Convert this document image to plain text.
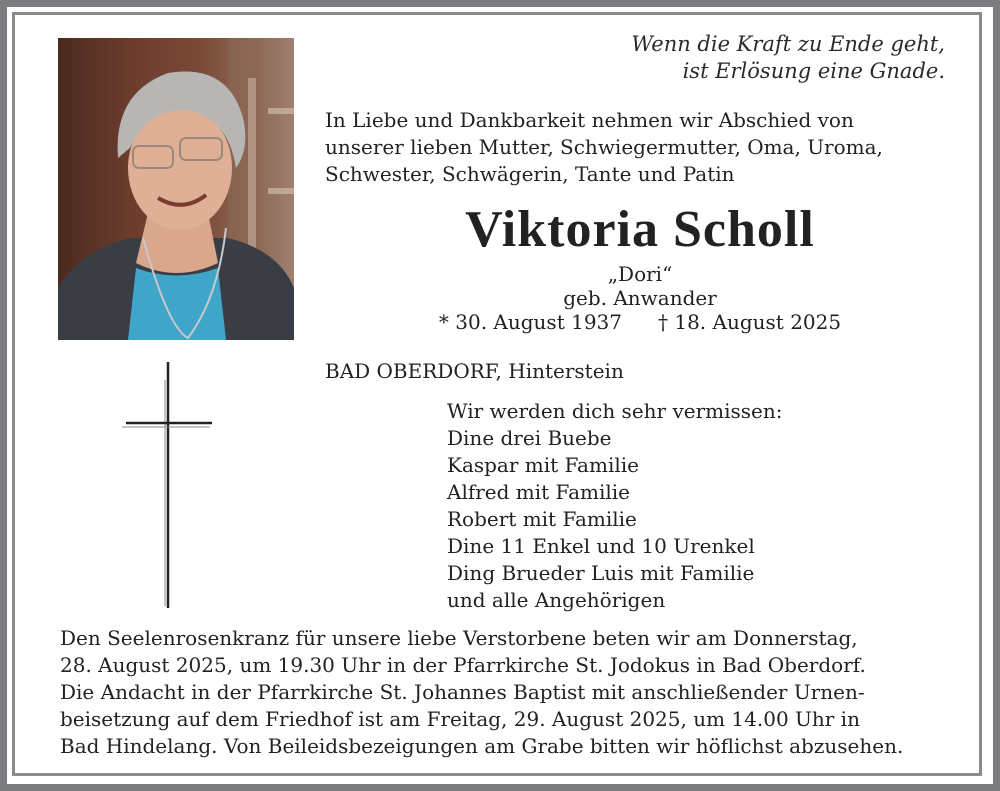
Wenn die Kraft zu Ende geht,
ist Erlösung eine Gnade.
In Liebe und Dankbarkeit nehmen wir Abschied von
unserer lieben Mutter, Schwiegermutter, Oma, Uroma,
Schwester, Schwägerin, Tante und Patin
Viktoria Scholl
„Dori“
geb. Anwander
* 30. August 1937 † 18. August 2025
BAD OBERDORF, Hinterstein
Wir werden dich sehr vermissen:
Dine drei Buebe
Kaspar mit Familie
Alfred mit Familie
Robert mit Familie
Dine 11 Enkel und 10 Urenkel
Ding Brueder Luis mit Familie
und alle Angehörigen
Den Seelenrosenkranz für unsere liebe Verstorbene beten wir am Donnerstag,
28. August 2025, um 19.30 Uhr in der Pfarrkirche St. Jodokus in Bad Oberdorf.
Die Andacht in der Pfarrkirche St. Johannes Baptist mit anschließender Urnen-
beisetzung auf dem Friedhof ist am Freitag, 29. August 2025, um 14.00 Uhr in
Bad Hindelang. Von Beileidsbezeigungen am Grabe bitten wir höflichst abzusehen.
